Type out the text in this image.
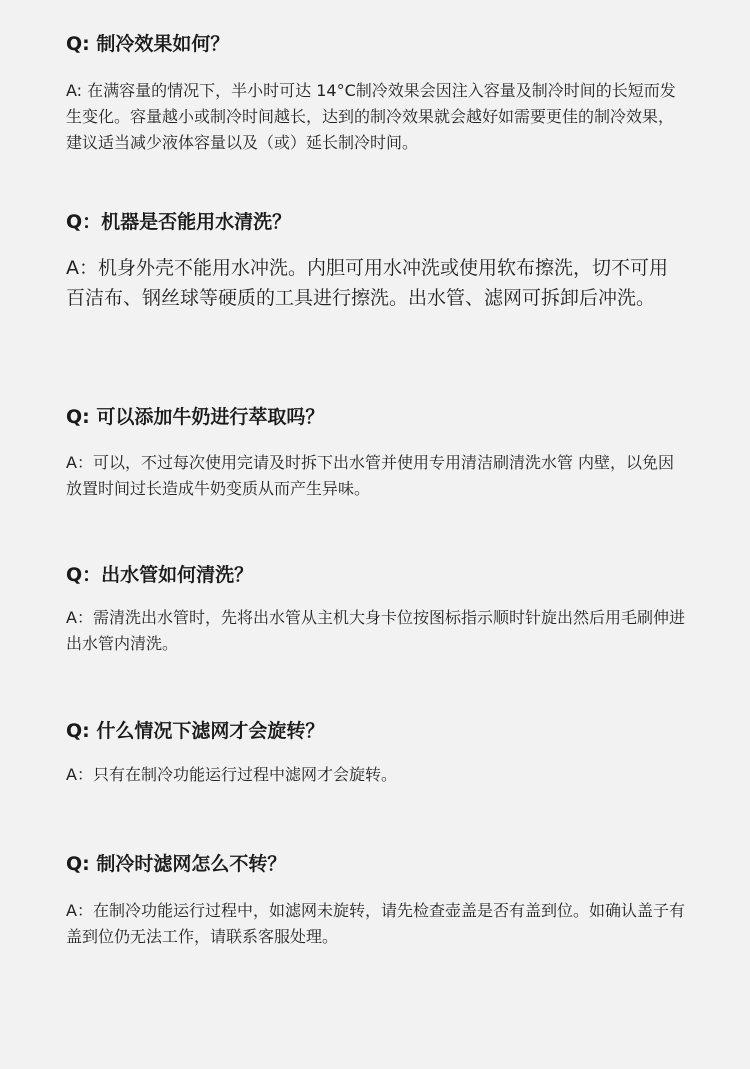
Q: 制冷效果如何？

A: 在满容量的情况下，半小时可达 14°C制冷效果会因注入容量及制冷时间的长短而发生变化。容量越小或制冷时间越长，达到的制冷效果就会越好如需要更佳的制冷效果，建议适当减少液体容量以及（或）延长制冷时间。

Q：机器是否能用水清洗？

A：机身外壳不能用水冲洗。内胆可用水冲洗或使用软布擦洗，切不可用百洁布、钢丝球等硬质的工具进行擦洗。出水管、滤网可拆卸后冲洗。

Q: 可以添加牛奶进行萃取吗？

A：可以，不过每次使用完请及时拆下出水管并使用专用清洁刷清洗水管 内壁，以免因放置时间过长造成牛奶变质从而产生异味。

Q：出水管如何清洗？

A：需清洗出水管时，先将出水管从主机大身卡位按图标指示顺时针旋出然后用毛刷伸进出水管内清洗。

Q: 什么情况下滤网才会旋转？

A：只有在制冷功能运行过程中滤网才会旋转。

Q: 制冷时滤网怎么不转？

A：在制冷功能运行过程中，如滤网未旋转，请先检查壶盖是否有盖到位。如确认盖子有盖到位仍无法工作，请联系客服处理。
